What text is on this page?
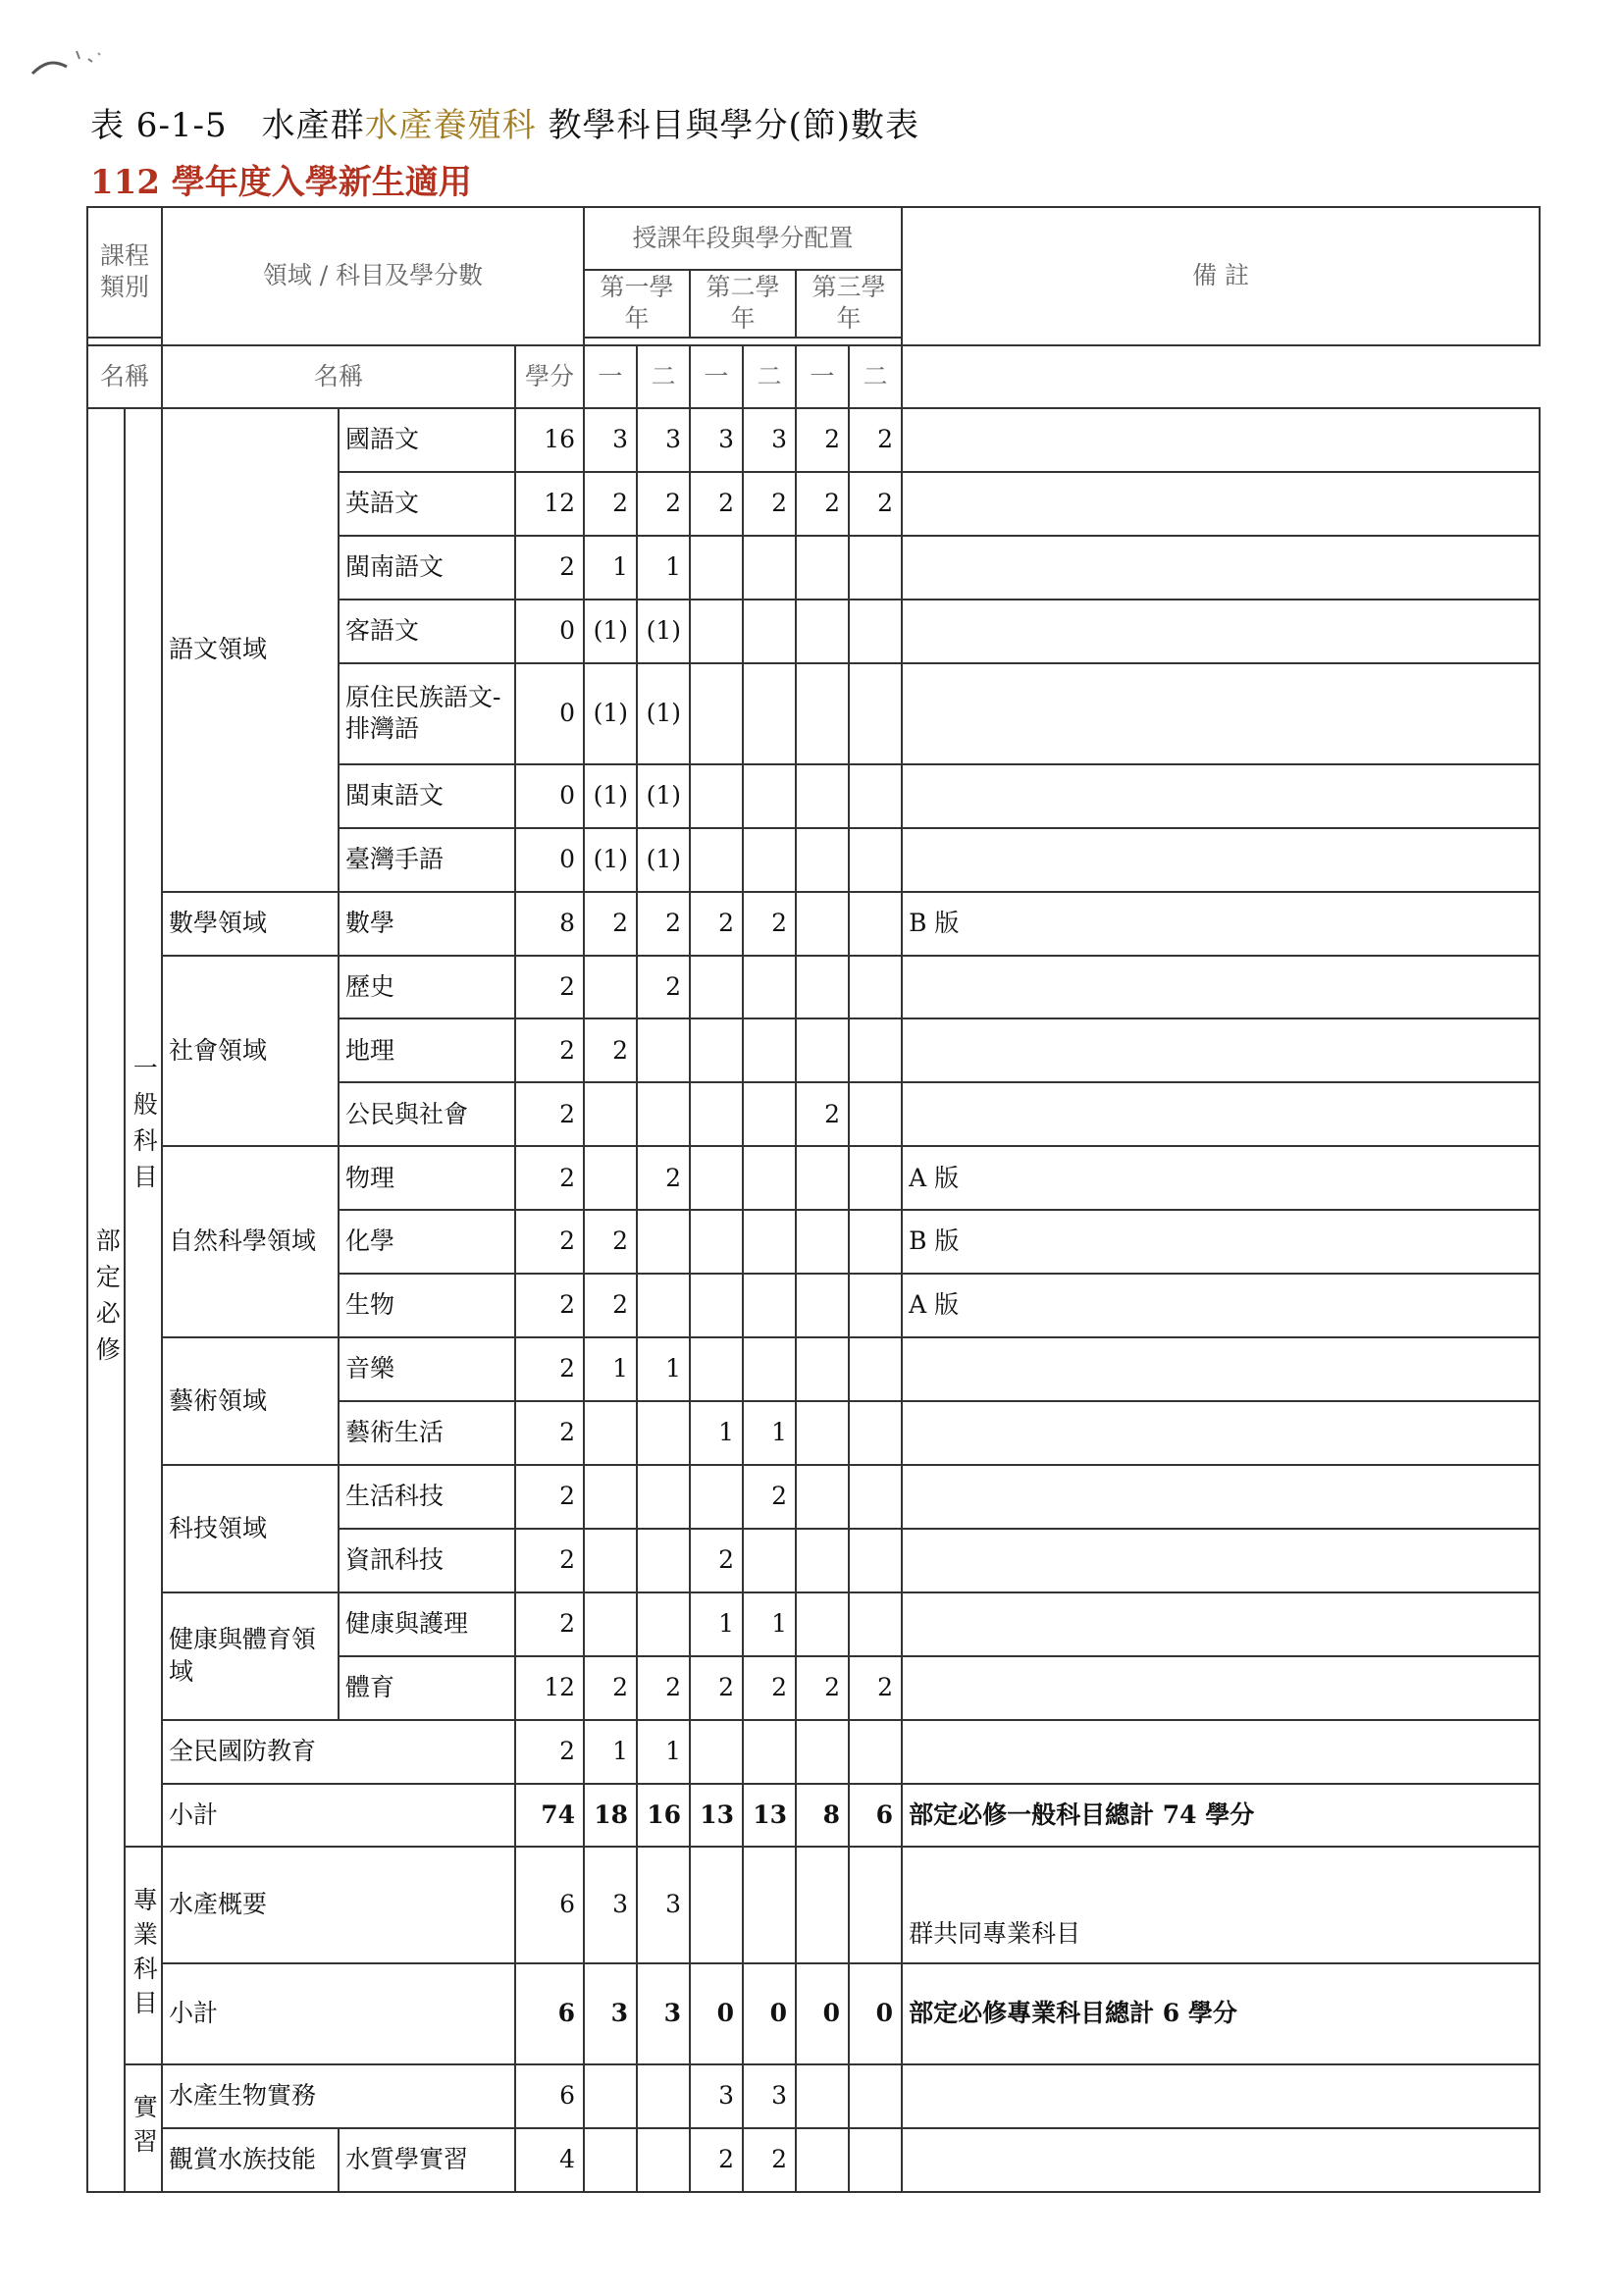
表 6-1-5　水產群水產養殖科 教學科目與學分(節)數表
112 學年度入學新生適用
課程類別		領域 / 科目及學分數			授課年段與學分配置						備 註
					第一學年		第二學年		第三學年		

名稱		名稱		學分	一	二	一	二	一	二	
部定必修	一般科目	語文領域	國語文	16	3	3	3	3	2	2	
			英語文	12	2	2	2	2	2	2	
			閩南語文	2	1	1					
			客語文	0	(1)	(1)					
			原住民族語文-排灣語	0	(1)	(1)					
			閩東語文	0	(1)	(1)					
			臺灣手語	0	(1)	(1)					
		數學領域	數學	8	2	2	2	2			B 版
		社會領域	歷史	2		2					
			地理	2	2						
			公民與社會	2					2		
		自然科學領域	物理	2		2					A 版
			化學	2	2						B 版
			生物	2	2						A 版
		藝術領域	音樂	2	1	1					
			藝術生活	2			1	1			
		科技領域	生活科技	2				2			
			資訊科技	2			2				
		健康與體育領域	健康與護理	2			1	1			
			體育	12	2	2	2	2	2	2	
		全民國防教育		2	1	1					
		小計		74	18	16	13	13	8	6	部定必修一般科目總計 74 學分
	專業科目	水產概要		6	3	3					群共同專業科目
		小計		6	3	3	0	0	0	0	部定必修專業科目總計 6 學分
	實習	水產生物實務		6			3	3			
		觀賞水族技能	水質學實習	4			2	2			
